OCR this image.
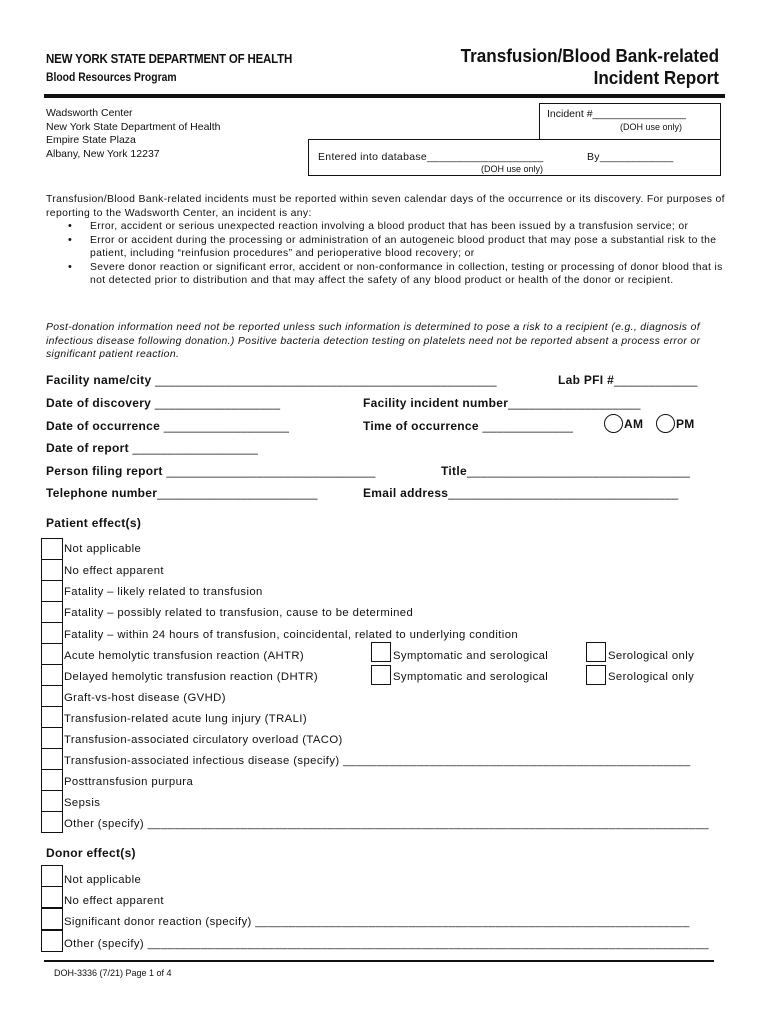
NEW YORK STATE DEPARTMENT OF HEALTH
Blood Resources Program
Transfusion/Blood Bank-related
Incident Report
Wadsworth Center
New York State Department of Health
Empire State Plaza
Albany, New York 12237
Incident #________________
(DOH use only)
Entered into database___________________	By____________
(DOH use only)
Transfusion/Blood Bank-related incidents must be reported within seven calendar days of the occurrence or its discovery. For purposes of reporting to the Wadsworth Center, an incident is any:
• Error, accident or serious unexpected reaction involving a blood product that has been issued by a transfusion service; or
• Error or accident during the processing or administration of an autogeneic blood product that may pose a substantial risk to the patient, including “reinfusion procedures” and perioperative blood recovery; or
• Severe donor reaction or significant error, accident or non-conformance in collection, testing or processing of donor blood that is not detected prior to distribution and that may affect the safety of any blood product or health of the donor or recipient.
Post-donation information need not be reported unless such information is determined to pose a risk to a recipient (e.g., diagnosis of infectious disease following donation.) Positive bacteria detection testing on platelets need not be reported absent a process error or significant patient reaction.
Facility name/city _________________________________________________	Lab PFI #____________
Date of discovery __________________	Facility incident number___________________
Date of occurrence __________________	Time of occurrence _____________	AM	PM
Date of report __________________
Person filing report ______________________________	Title________________________________
Telephone number_______________________	Email address_________________________________
Patient effect(s)
Not applicable
No effect apparent
Fatality – likely related to transfusion
Fatality – possibly related to transfusion, cause to be determined
Fatality – within 24 hours of transfusion, coincidental, related to underlying condition
Acute hemolytic transfusion reaction (AHTR)	Symptomatic and serological	Serological only
Delayed hemolytic transfusion reaction (DHTR)	Symptomatic and serological	Serological only
Graft-vs-host disease (GVHD)
Transfusion-related acute lung injury (TRALI)
Transfusion-associated circulatory overload (TACO)
Transfusion-associated infectious disease (specify) ____________________________________________________
Posttransfusion purpura
Sepsis
Other (specify) ____________________________________________________________________________________
Donor effect(s)
Not applicable
No effect apparent
Significant donor reaction (specify) _________________________________________________________________
Other (specify) ____________________________________________________________________________________
DOH-3336 (7/21) Page 1 of 4
